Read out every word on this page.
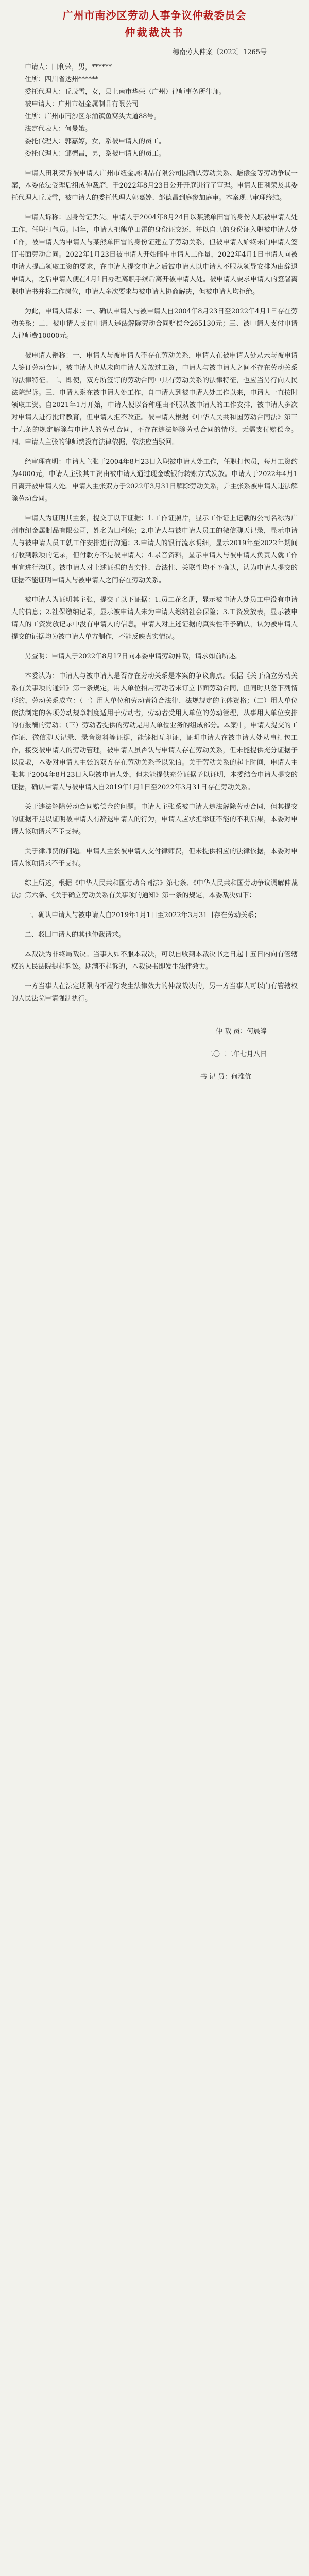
广州市南沙区劳动人事争议仲裁委员会
仲裁裁决书
穗南劳人仲案〔2022〕1265号

申请人：田利荣，男，******

住所：四川省达州******

委托代理人：丘茂雪，女，县上南市华荣（广州）律师事务所律师。

被申请人：广州市纽金属制品有限公司

住所：广州市南沙区东涌镇鱼窝头大道88号。

法定代表人：何曼娥。

委托代理人：郭嘉婷，女，系被申请人的员工。

委托代理人：邹德昌，男，系被申请人的员工。

申请人田利荣诉被申请人广州市纽金属制品有限公司因确认劳动关系、赔偿金等劳动争议一案，本委依法受理后组成仲裁庭，于2022年8月23日公开开庭进行了审理。申请人田利荣及其委托代理人丘茂雪，被申请人的委托代理人郭嘉婷、邹德昌到庭参加庭审。本案现已审理终结。

申请人诉称：因身份证丢失，申请人于2004年8月24日以某熊单田雷的身份入职被申请人处工作，任职打包员。同年，申请人把熊单田雷的身份证交还，并以自己的身份证入职被申请人处工作，被申请人为申请人与某熊单田雷的身份证建立了劳动关系，但被申请人始终未向申请人签订书面劳动合同。2022年1月23日被申请人开始暗中申请人工作量，2022年4月1日申请人向被申请人提出领取工资的要求，在申请人提交申请之后被申请人以申请人不服从领导安排为由辞退申请人，之后申请人便在4月1日办理离职手续后离开被申请人处。被申请人要求申请人的签署离职申请书并将工作岗位，申请人多次要求与被申请人协商解决，但被申请人均拒绝。

为此，申请人请求：一、确认申请人与被申请人自2004年8月23日至2022年4月1日存在劳动关系；二、被申请人支付申请人违法解除劳动合同赔偿金265130元；三、被申请人支付申请人律师费10000元。

被申请人辩称：一、申请人与被申请人不存在劳动关系，申请人在被申请人处从未与被申请人签订劳动合同，被申请人也从未向申请人发放过工资，申请人与被申请人之间不存在劳动关系的法律特征。二、即使，双方所签订的劳动合同中具有劳动关系的法律特征，也应当另行向人民法院起诉。三、申请人系在被申请人处工作，自申请人到被申请人处工作以来，申请人一直按时领取工资。自2021年1月开始，申请人便以各种理由不服从被申请人的工作安排，被申请人多次对申请人进行批评教育，但申请人拒不改正。被申请人根据《中华人民共和国劳动合同法》第三十九条的规定解除与申请人的劳动合同，不存在违法解除劳动合同的情形，无需支付赔偿金。四、申请人主张的律师费没有法律依据，依法应当驳回。

经审理查明：申请人主张于2004年8月23日入职被申请人处工作，任职打包员，每月工资约为4000元，申请人主张其工资由被申请人通过现金或银行转账方式发放。申请人于2022年4月1日离开被申请人处。申请人主张双方于2022年3月31日解除劳动关系，并主张系被申请人违法解除劳动合同。

申请人为证明其主张，提交了以下证据：1.工作证照片，显示工作证上记载的公司名称为广州市纽金属制品有限公司，姓名为田利荣；2.申请人与被申请人员工的微信聊天记录，显示申请人与被申请人员工就工作安排进行沟通；3.申请人的银行流水明细，显示2019年至2022年期间有收到款项的记录，但付款方不是被申请人；4.录音资料，显示申请人与被申请人负责人就工作事宜进行沟通。被申请人对上述证据的真实性、合法性、关联性均不予确认，认为申请人提交的证据不能证明申请人与被申请人之间存在劳动关系。

被申请人为证明其主张，提交了以下证据：1.员工花名册，显示被申请人处员工中没有申请人的信息；2.社保缴纳记录，显示被申请人未为申请人缴纳社会保险；3.工资发放表，显示被申请人的工资发放记录中没有申请人的信息。申请人对上述证据的真实性不予确认，认为被申请人提交的证据均为被申请人单方制作，不能反映真实情况。

另查明：申请人于2022年8月17日向本委申请劳动仲裁，请求如前所述。

本委认为：申请人与被申请人是否存在劳动关系是本案的争议焦点。根据《关于确立劳动关系有关事项的通知》第一条规定，用人单位招用劳动者未订立书面劳动合同，但同时具备下列情形的，劳动关系成立：（一）用人单位和劳动者符合法律、法规规定的主体资格；（二）用人单位依法制定的各项劳动规章制度适用于劳动者，劳动者受用人单位的劳动管理，从事用人单位安排的有报酬的劳动；（三）劳动者提供的劳动是用人单位业务的组成部分。本案中，申请人提交的工作证、微信聊天记录、录音资料等证据，能够相互印证，证明申请人在被申请人处从事打包工作，接受被申请人的劳动管理，被申请人虽否认与申请人存在劳动关系，但未能提供充分证据予以反驳，本委对申请人主张的双方存在劳动关系予以采信。关于劳动关系的起止时间，申请人主张其于2004年8月23日入职被申请人处，但未能提供充分证据予以证明，本委结合申请人提交的证据，确认申请人与被申请人自2019年1月1日至2022年3月31日存在劳动关系。

关于违法解除劳动合同赔偿金的问题。申请人主张系被申请人违法解除劳动合同，但其提交的证据不足以证明被申请人有辞退申请人的行为，申请人应承担举证不能的不利后果，本委对申请人该项请求不予支持。

关于律师费的问题。申请人主张被申请人支付律师费，但未提供相应的法律依据，本委对申请人该项请求不予支持。

综上所述，根据《中华人民共和国劳动合同法》第七条、《中华人民共和国劳动争议调解仲裁法》第六条、《关于确立劳动关系有关事项的通知》第一条的规定，本委裁决如下：

一、确认申请人与被申请人自2019年1月1日至2022年3月31日存在劳动关系；

二、驳回申请人的其他仲裁请求。

本裁决为非终局裁决。当事人如不服本裁决，可以自收到本裁决书之日起十五日内向有管辖权的人民法院提起诉讼。期满不起诉的，本裁决书即发生法律效力。

一方当事人在法定期限内不履行发生法律效力的仲裁裁决的，另一方当事人可以向有管辖权的人民法院申请强制执行。

仲 裁 员：何晨皞

二〇二二年七月八日

书 记 员：何淮伉
